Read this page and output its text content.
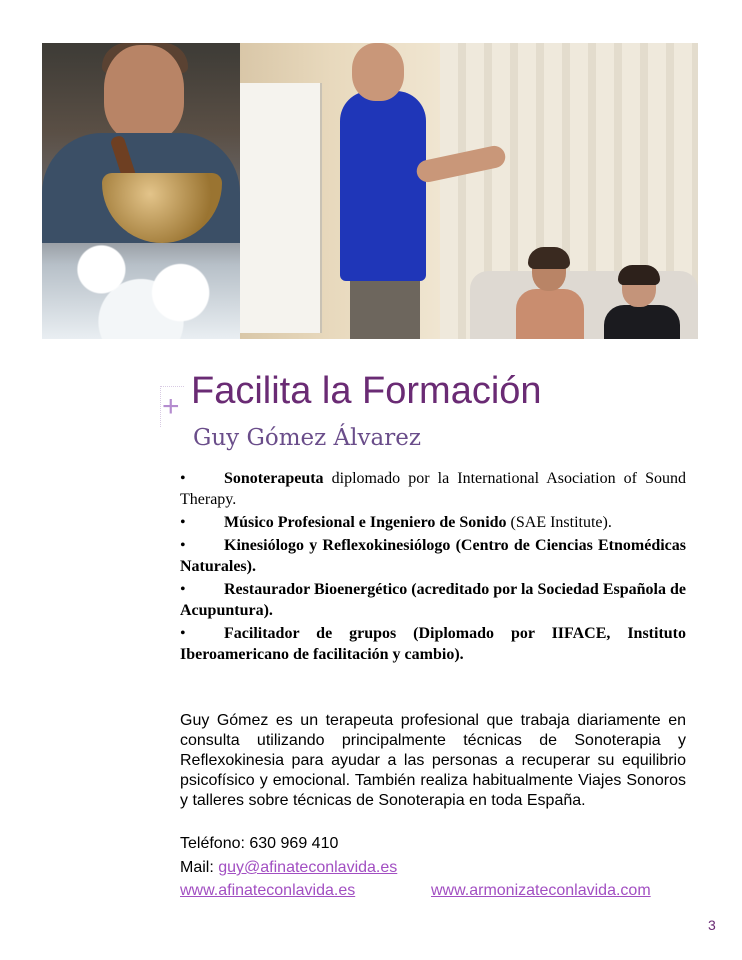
+ Facilita la Formación
Guy Gómez Álvarez
• Sonoterapeuta diplomado por la International Asociation of Sound Therapy.
• Músico Profesional e Ingeniero de Sonido (SAE Institute).
• Kinesiólogo y Reflexokinesiólogo (Centro de Ciencias Etnomédicas Naturales).
• Restaurador Bioenergético (acreditado por la Sociedad Española de Acupuntura).
• Facilitador de grupos (Diplomado por IIFACE, Instituto Iberoamericano de facilitación y cambio).

Guy Gómez es un terapeuta profesional que trabaja diariamente en consulta utilizando principalmente técnicas de Sonoterapia y Reflexokinesia para ayudar a las personas a recuperar su equilibrio psicofísico y emocional. También realiza habitualmente Viajes Sonoros y talleres sobre técnicas de Sonoterapia en toda España.

Teléfono: 630 969 410
Mail: guy@afinateconlavida.es
www.afinateconlavida.es	www.armonizateconlavida.com
3
